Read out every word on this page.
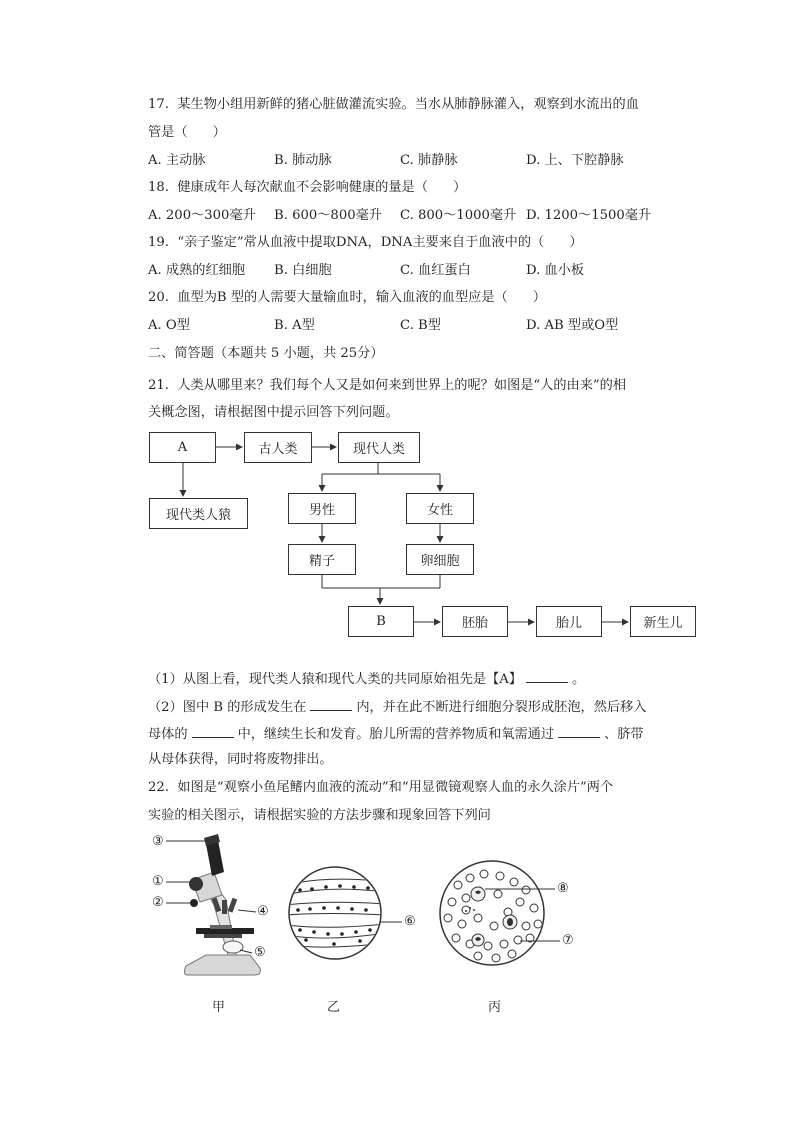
17.  某生物小组用新鲜的猪心脏做灌流实验。当水从肺静脉灌入，观察到水流出的血
管是（      ）
A. 主动脉	B. 肺动脉	C. 肺静脉	D. 上、下腔静脉
18.  健康成年人每次献血不会影响健康的量是（      ）
A. 200～300毫升 B. 600～800毫升 C. 800～1000毫升 D. 1200～1500毫升
19.  “亲子鉴定”常从血液中提取DNA，DNA主要来自于血液中的（      ）
A. 成熟的红细胞 B. 白细胞	C. 血红蛋白	D. 血小板
20.  血型为B 型的人需要大量输血时，输入血液的血型应是（      ）
A. O型	B. A型	C. B型	D. AB 型或O型
二、简答题（本题共 5 小题，共 25分）
21.  人类从哪里来？我们每个人又是如何来到世界上的呢？如图是“人的由来”的相
关概念图，请根据图中提示回答下列问题。
A	古人类	现代人类
现代类人猿	男性	女性
精子	卵细胞
B	胚胎	胎儿	新生儿
（1）从图上看，现代类人猿和现代人类的共同原始祖先是【A】	。
（2）图中 B 的形成发生在	内，并在此不断进行细胞分裂形成胚泡，然后移入
母体的	中，继续生长和发育。胎儿所需的营养物质和氧需通过	、脐带
从母体获得，同时将废物排出。
22.  如图是“观察小鱼尾鳍内血液的流动”和“用显微镜观察人血的永久涂片”两个
实验的相关图示，请根据实验的方法步骤和现象回答下列问
③
①
②
④
⑤
⑥
⑧
⑦
甲	乙	丙
